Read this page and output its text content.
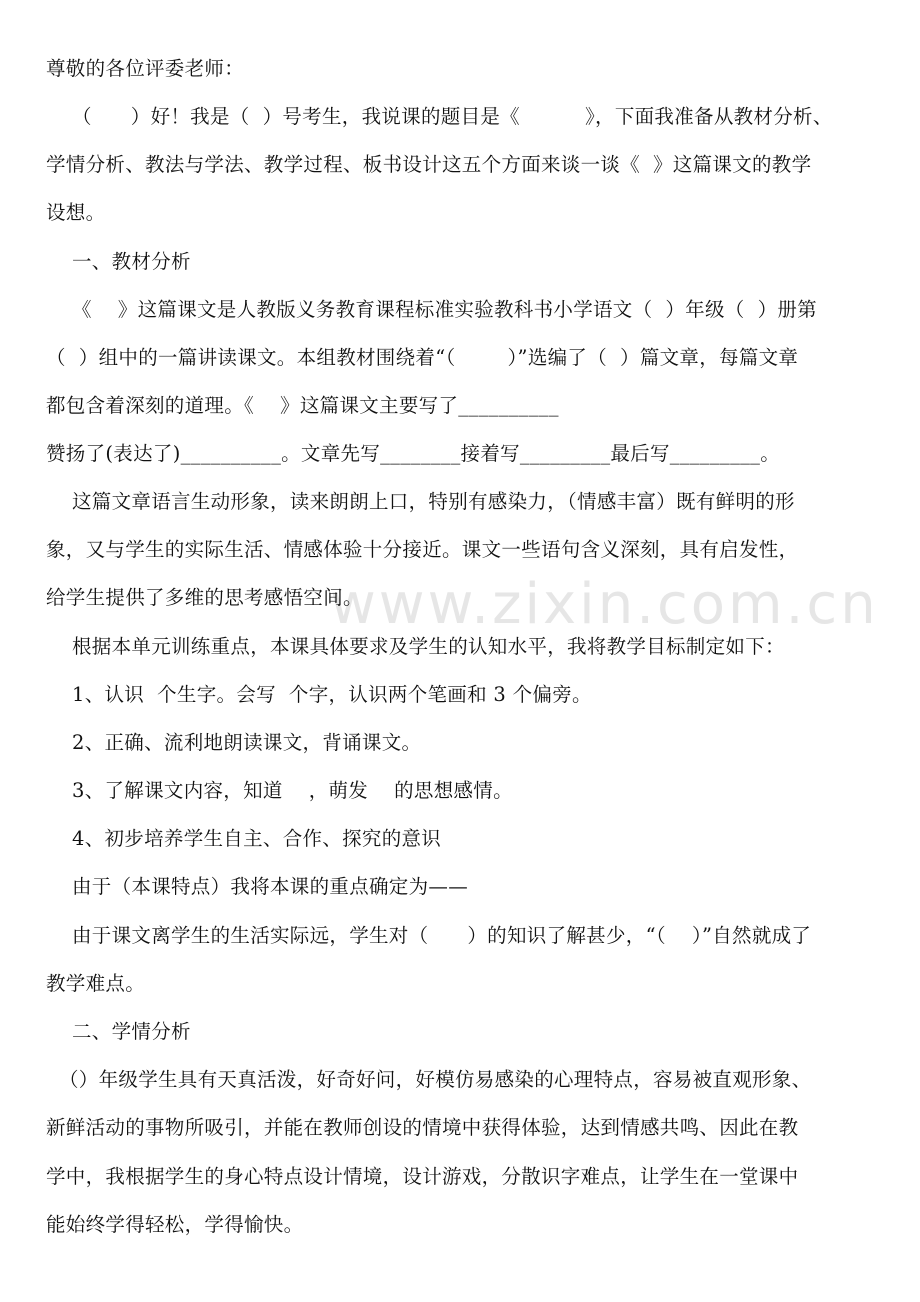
www.zixin.com.cn
尊敬的各位评委老师：
（      ）好！我是（  ）号考生，我说课的题目是《          》，下面我准备从教材分析、
学情分析、教法与学法、教学过程、板书设计这五个方面来谈一谈《  》这篇课文的教学
设想。
一、教材分析
《    》这篇课文是人教版义务教育课程标准实验教科书小学语文（  ）年级（  ）册第
（  ）组中的一篇讲读课文。本组教材围绕着“（        ）”选编了（  ）篇文章，每篇文章
都包含着深刻的道理。《    》这篇课文主要写了__________
赞扬了(表达了)__________。文章先写________接着写_________最后写_________。
这篇文章语言生动形象，读来朗朗上口，特别有感染力，（情感丰富）既有鲜明的形
象，又与学生的实际生活、情感体验十分接近。课文一些语句含义深刻，具有启发性，
给学生提供了多维的思考感悟空间。
根据本单元训练重点，本课具体要求及学生的认知水平，我将教学目标制定如下：
1、认识  个生字。会写  个字，认识两个笔画和 3 个偏旁。
2、正确、流利地朗读课文，背诵课文。
3、了解课文内容，知道    ，萌发    的思想感情。
4、初步培养学生自主、合作、探究的意识
由于（本课特点）我将本课的重点确定为——
由于课文离学生的生活实际远，学生对（      ）的知识了解甚少，“（    ）”自然就成了
教学难点。
二、学情分析
（）年级学生具有天真活泼，好奇好问，好模仿易感染的心理特点，容易被直观形象、
新鲜活动的事物所吸引，并能在教师创设的情境中获得体验，达到情感共鸣、因此在教
学中，我根据学生的身心特点设计情境，设计游戏，分散识字难点，让学生在一堂课中
能始终学得轻松，学得愉快。
